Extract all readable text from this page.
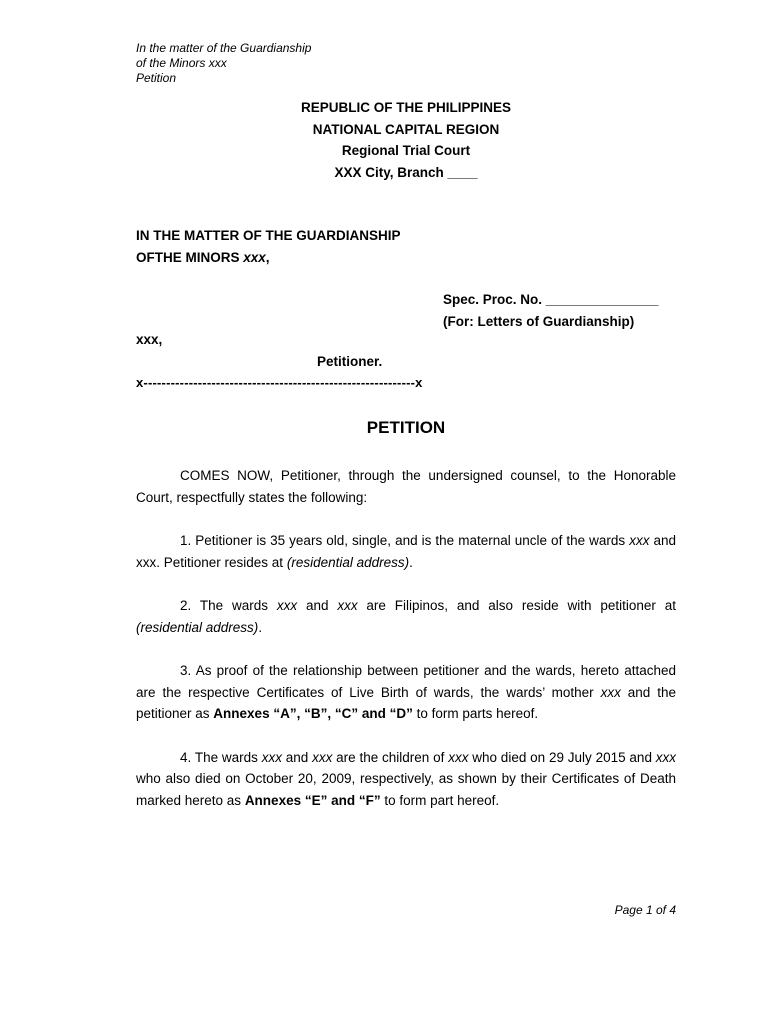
In the matter of the Guardianship
of the Minors xxx
Petition
REPUBLIC OF THE PHILIPPINES
NATIONAL CAPITAL REGION
Regional Trial Court
XXX City, Branch ____
IN THE MATTER OF THE GUARDIANSHIP
OFTHE MINORS xxx,
Spec. Proc. No. _______________
(For: Letters of Guardianship)
xxx,
Petitioner.
x------------------------------------------------------------x
PETITION

COMES NOW, Petitioner, through the undersigned counsel, to the Honorable Court, respectfully states the following:

1. Petitioner is 35 years old, single, and is the maternal uncle of the wards xxx and xxx. Petitioner resides at (residential address).

2. The wards xxx and xxx are Filipinos, and also reside with petitioner at (residential address).

3. As proof of the relationship between petitioner and the wards, hereto attached are the respective Certificates of Live Birth of wards, the wards’ mother xxx and the petitioner as Annexes “A”, “B”, “C” and “D” to form parts hereof.

4. The wards xxx and xxx are the children of xxx who died on 29 July 2015 and xxx who also died on October 20, 2009, respectively, as shown by their Certificates of Death marked hereto as Annexes “E” and “F” to form part hereof.

Page 1 of 4
